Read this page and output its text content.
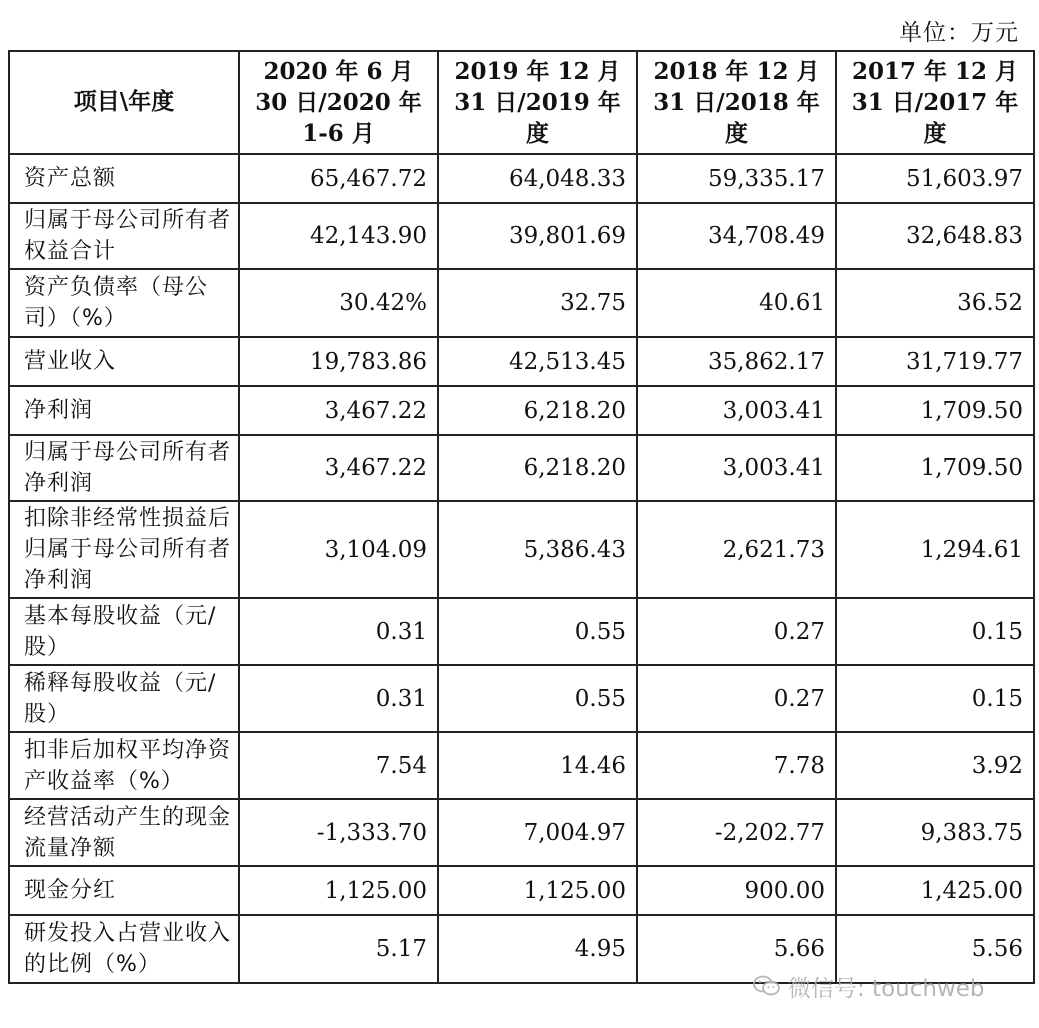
单位：万元
项目\年度	2020 年 6 月 30 日/2020 年 1-6 月	2019 年 12 月 31 日/2019 年度	2018 年 12 月 31 日/2018 年度	2017 年 12 月 31 日/2017 年度
资产总额	65,467.72	64,048.33	59,335.17	51,603.97
归属于母公司所有者权益合计	42,143.90	39,801.69	34,708.49	32,648.83
资产负债率（母公司）（%）	30.42%	32.75	40.61	36.52
营业收入	19,783.86	42,513.45	35,862.17	31,719.77
净利润	3,467.22	6,218.20	3,003.41	1,709.50
归属于母公司所有者净利润	3,467.22	6,218.20	3,003.41	1,709.50
扣除非经常性损益后归属于母公司所有者净利润	3,104.09	5,386.43	2,621.73	1,294.61
基本每股收益（元/股）	0.31	0.55	0.27	0.15
稀释每股收益（元/股）	0.31	0.55	0.27	0.15
扣非后加权平均净资产收益率（%）	7.54	14.46	7.78	3.92
经营活动产生的现金流量净额	-1,333.70	7,004.97	-2,202.77	9,383.75
现金分红	1,125.00	1,125.00	900.00	1,425.00
研发投入占营业收入的比例（%）	5.17	4.95	5.66	5.56
微信号: touchweb
